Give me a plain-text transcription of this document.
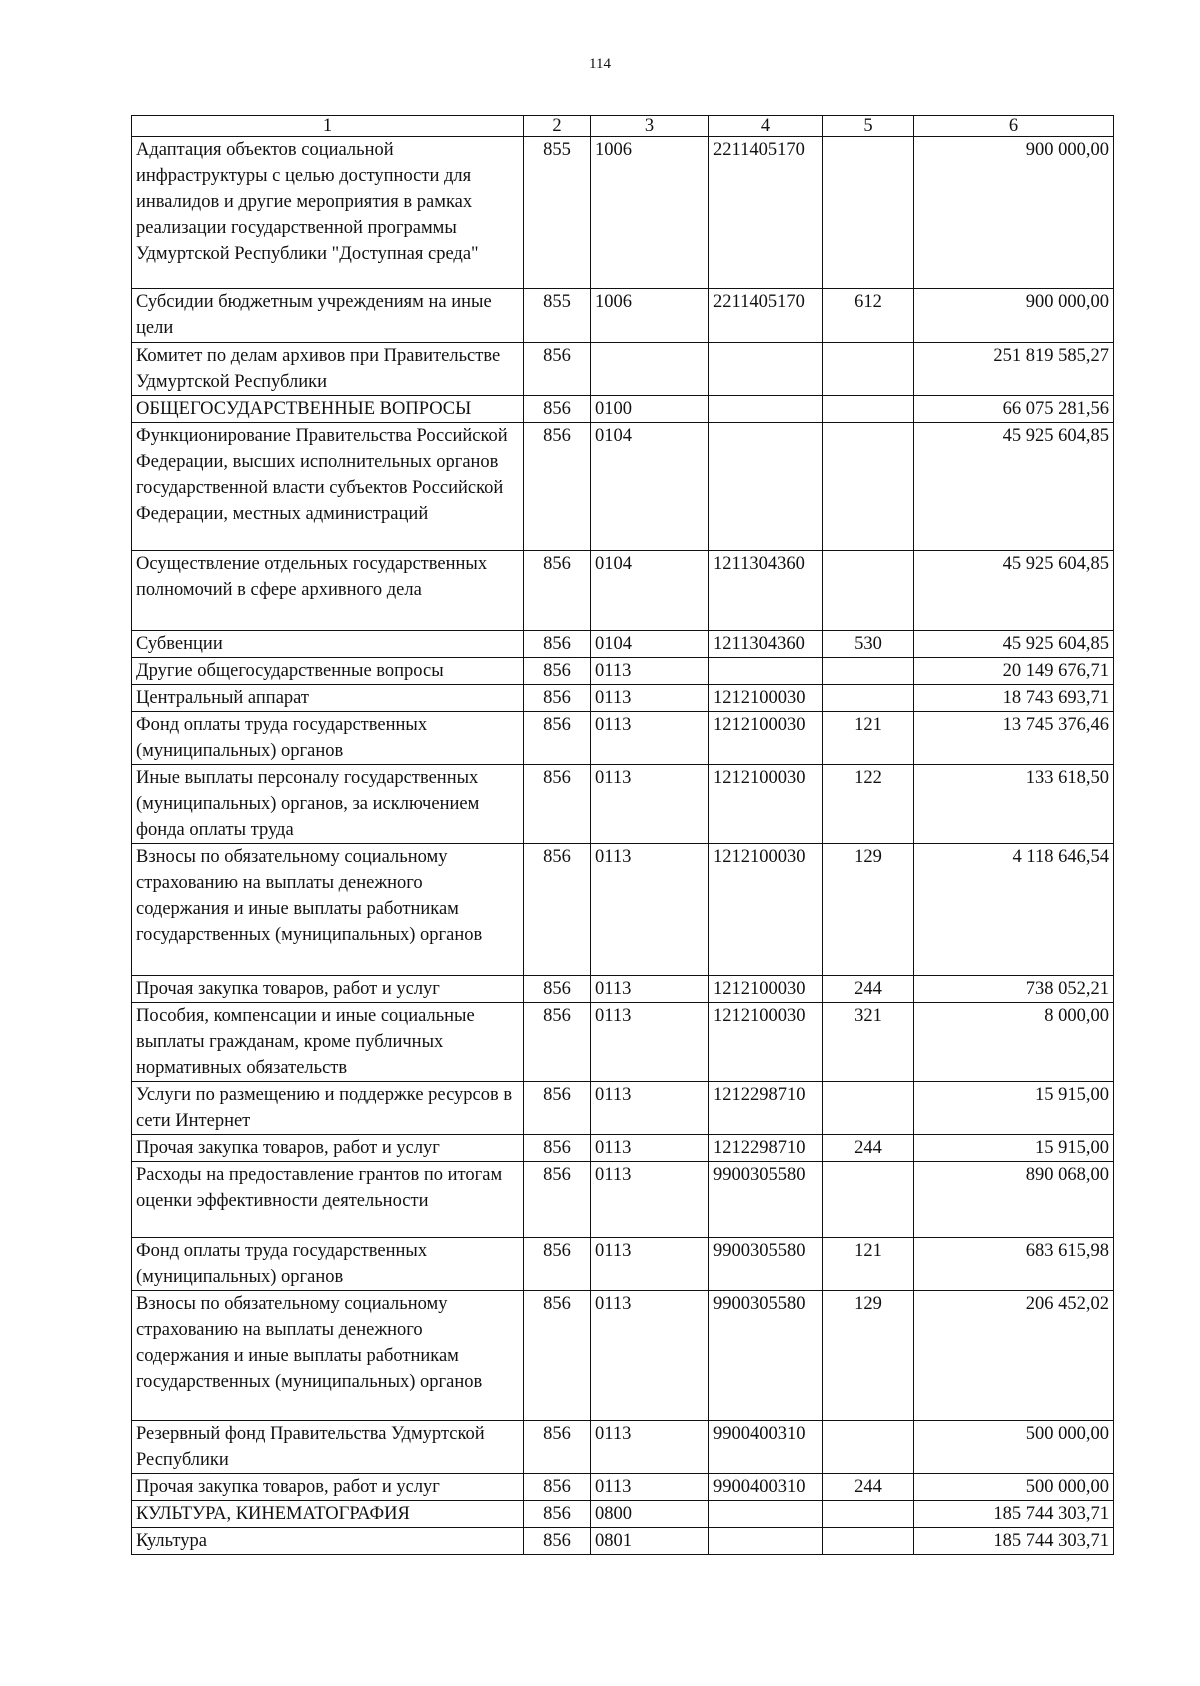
114
1	2	3	4	5	6
Адаптация объектов социальной инфраструктуры с целью доступности для инвалидов и другие мероприятия в рамках реализации государственной программы Удмуртской Республики "Доступная среда"	855	1006	2211405170		900 000,00
Субсидии бюджетным учреждениям на иные цели	855	1006	2211405170	612	900 000,00
Комитет по делам архивов при Правительстве Удмуртской Республики	856				251 819 585,27
ОБЩЕГОСУДАРСТВЕННЫЕ ВОПРОСЫ	856	0100			66 075 281,56
Функционирование Правительства Российской Федерации, высших исполнительных органов государственной власти субъектов Российской Федерации, местных администраций	856	0104			45 925 604,85
Осуществление отдельных государственных полномочий в сфере архивного дела	856	0104	1211304360		45 925 604,85
Субвенции	856	0104	1211304360	530	45 925 604,85
Другие общегосударственные вопросы	856	0113			20 149 676,71
Центральный аппарат	856	0113	1212100030		18 743 693,71
Фонд оплаты труда государственных (муниципальных) органов	856	0113	1212100030	121	13 745 376,46
Иные выплаты персоналу государственных (муниципальных) органов, за исключением фонда оплаты труда	856	0113	1212100030	122	133 618,50
Взносы по обязательному социальному страхованию на выплаты денежного содержания и иные выплаты работникам государственных (муниципальных) органов	856	0113	1212100030	129	4 118 646,54
Прочая закупка товаров, работ и услуг	856	0113	1212100030	244	738 052,21
Пособия, компенсации и иные социальные выплаты гражданам, кроме публичных нормативных обязательств	856	0113	1212100030	321	8 000,00
Услуги по размещению и поддержке ресурсов в сети Интернет	856	0113	1212298710		15 915,00
Прочая закупка товаров, работ и услуг	856	0113	1212298710	244	15 915,00
Расходы на предоставление грантов по итогам оценки эффективности деятельности	856	0113	9900305580		890 068,00
Фонд оплаты труда государственных (муниципальных) органов	856	0113	9900305580	121	683 615,98
Взносы по обязательному социальному страхованию на выплаты денежного содержания и иные выплаты работникам государственных (муниципальных) органов	856	0113	9900305580	129	206 452,02
Резервный фонд Правительства Удмуртской Республики	856	0113	9900400310		500 000,00
Прочая закупка товаров, работ и услуг	856	0113	9900400310	244	500 000,00
КУЛЬТУРА, КИНЕМАТОГРАФИЯ	856	0800			185 744 303,71
Культура	856	0801			185 744 303,71
